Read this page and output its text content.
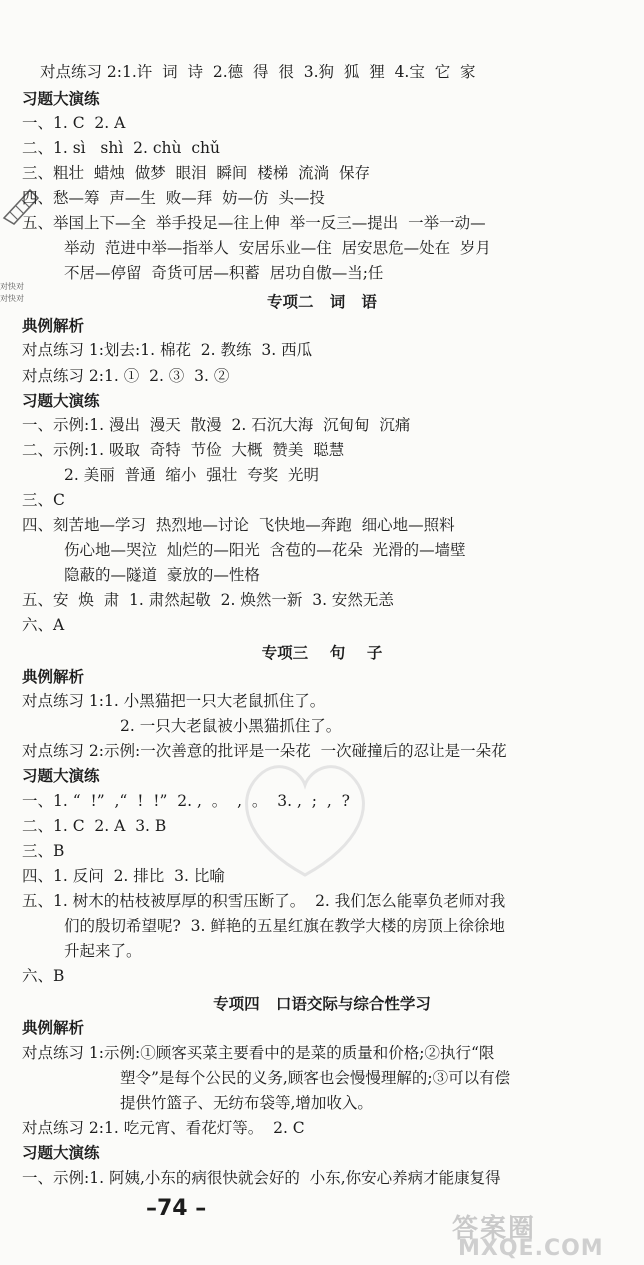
对快对
对快对
对点练习 2:1.许  词  诗  2.德  得  很  3.狗  狐  狸  4.宝  它  家
习题大演练
一、1. C  2. A
二、1. sì   shì  2. chù  chǔ
三、粗壮  蜡烛  做梦  眼泪  瞬间  楼梯  流淌  保存
四、愁—筹  声—生  败—拜  妨—仿  头—投
五、举国上下—全  举手投足—往上伸  举一反三—提出  一举一动—
举动  范进中举—指举人  安居乐业—住  居安思危—处在  岁月
不居—停留  奇货可居—积蓄  居功自傲—当;任
专项二   词   语
典例解析
对点练习 1:划去:1. 棉花  2. 教练  3. 西瓜
对点练习 2:1. ①  2. ③  3. ②
习题大演练
一、示例:1. 漫出  漫天  散漫  2. 石沉大海  沉甸甸  沉痛
二、示例:1. 吸取  奇特  节俭  大概  赞美  聪慧
2. 美丽  普通  缩小  强壮  夸奖  光明
三、C
四、刻苦地—学习  热烈地—讨论  飞快地—奔跑  细心地—照料
伤心地—哭泣  灿烂的—阳光  含苞的—花朵  光滑的—墙壁
隐蔽的—隧道  豪放的—性格
五、安  焕  肃  1. 肃然起敬  2. 焕然一新  3. 安然无恙
六、A
专项三    句    子
典例解析
对点练习 1:1. 小黑猫把一只大老鼠抓住了。
2. 一只大老鼠被小黑猫抓住了。
对点练习 2:示例:一次善意的批评是一朵花  一次碰撞后的忍让是一朵花
习题大演练
一、1. “  !”  ,“  !  !”  2. ,  。  ,  。  3. ,  ;  ,  ?
二、1. C  2. A  3. B
三、B
四、1. 反问  2. 排比  3. 比喻
五、1. 树木的枯枝被厚厚的积雪压断了。  2. 我们怎么能辜负老师对我
们的殷切希望呢?  3. 鲜艳的五星红旗在教学大楼的房顶上徐徐地
升起来了。
六、B
专项四   口语交际与综合性学习
典例解析
对点练习 1:示例:①顾客买菜主要看中的是菜的质量和价格;②执行“限
塑令”是每个公民的义务,顾客也会慢慢理解的;③可以有偿
提供竹篮子、无纺布袋等,增加收入。
对点练习 2:1. 吃元宵、看花灯等。  2. C
习题大演练
一、示例:1. 阿姨,小东的病很快就会好的  小东,你安心养病才能康复得
–74 –
答案圈
MXQE.COM
